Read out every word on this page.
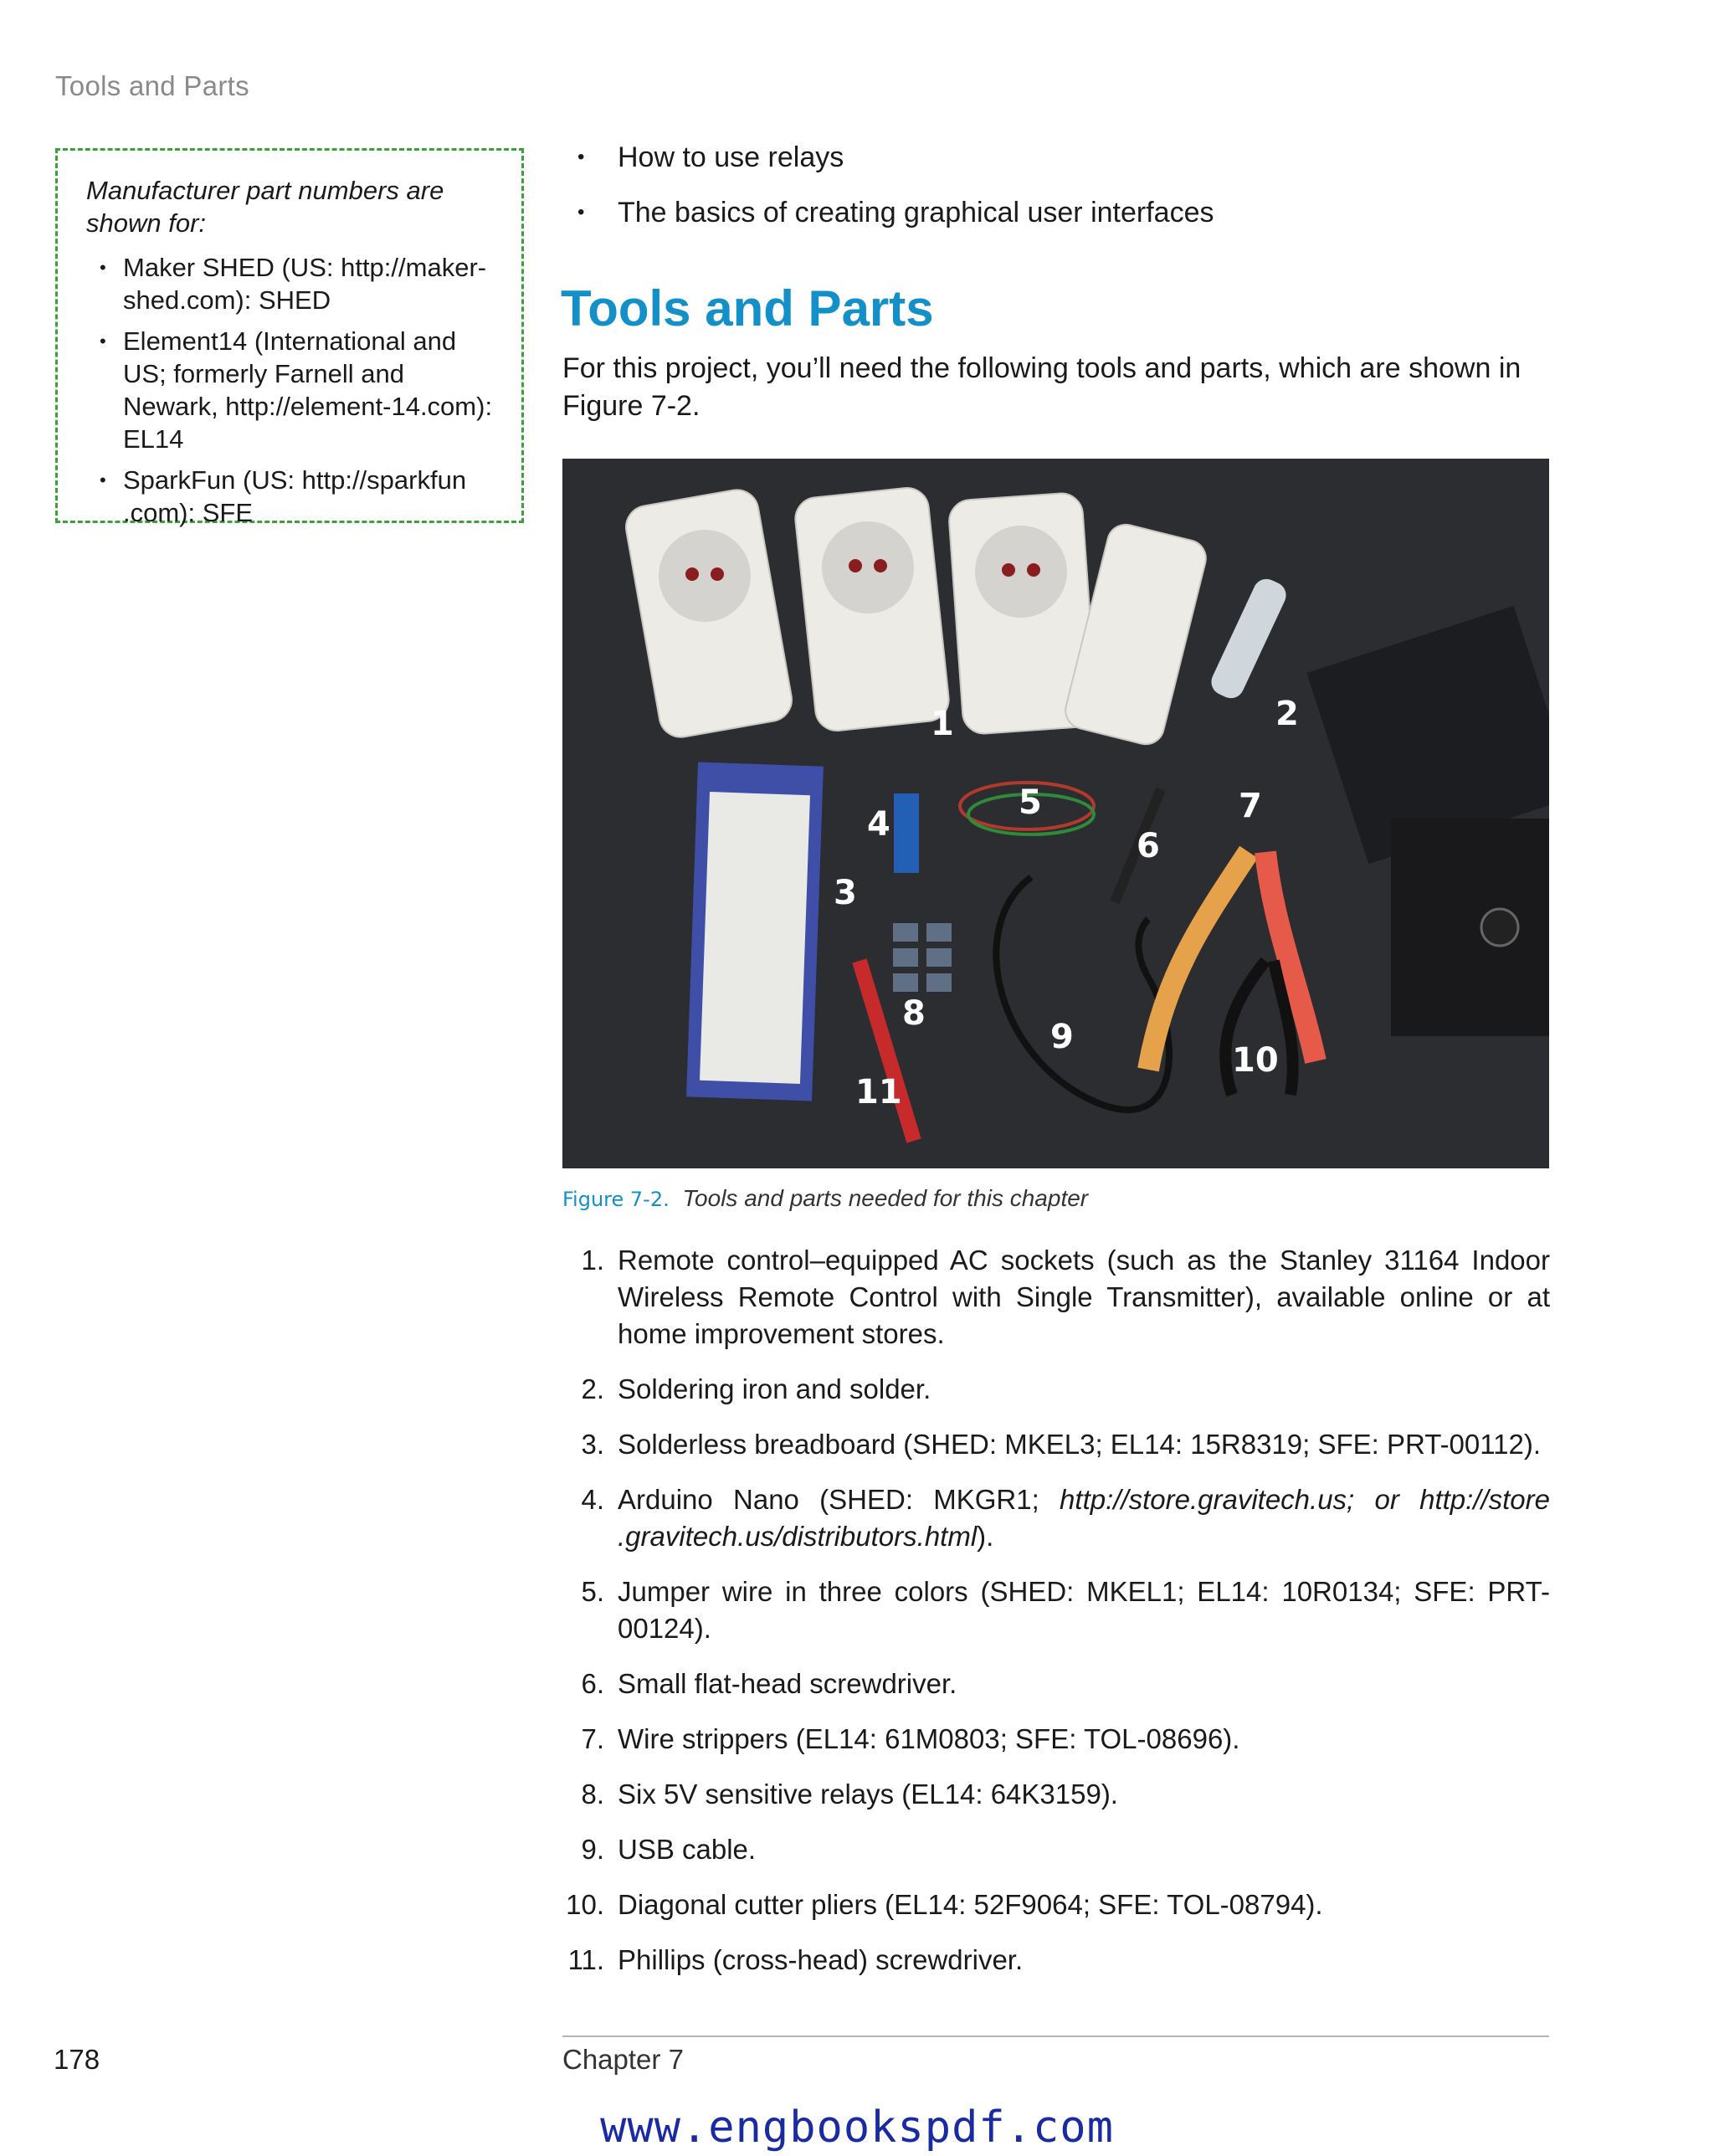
Tools and Parts

Manufacturer part numbers are shown for:

• Maker SHED (US: http://maker-shed.com): SHED
• Element14 (International and US; formerly Farnell and Newark, http://element-14.com): EL14
• SparkFun (US: http://sparkfun .com): SFE
• How to use relays
• The basics of creating graphical user interfaces
Tools and Parts

For this project, you’ll need the following tools and parts, which are shown in Figure 7-2.

1	2
3
4
5
6
7
8
9
10
11
Figure 7-2. Tools and parts needed for this chapter
1. Remote control–equipped AC sockets (such as the Stanley 31164 Indoor Wireless Remote Control with Single Transmitter), available online or at home improvement stores.
2. Soldering iron and solder.
3. Solderless breadboard (SHED: MKEL3; EL14: 15R8319; SFE: PRT-00112).
4. Arduino Nano (SHED: MKGR1; http://store.gravitech.us; or http://store .gravitech.us/distributors.html).
5. Jumper wire in three colors (SHED: MKEL1; EL14: 10R0134; SFE: PRT-00124).
6. Small flat-head screwdriver.
7. Wire strippers (EL14: 61M0803; SFE: TOL-08696).
8. Six 5V sensitive relays (EL14: 64K3159).
9. USB cable.
10. Diagonal cutter pliers (EL14: 52F9064; SFE: TOL-08794).
11. Phillips (cross-head) screwdriver.
178	Chapter 7
www.engbookspdf.com
